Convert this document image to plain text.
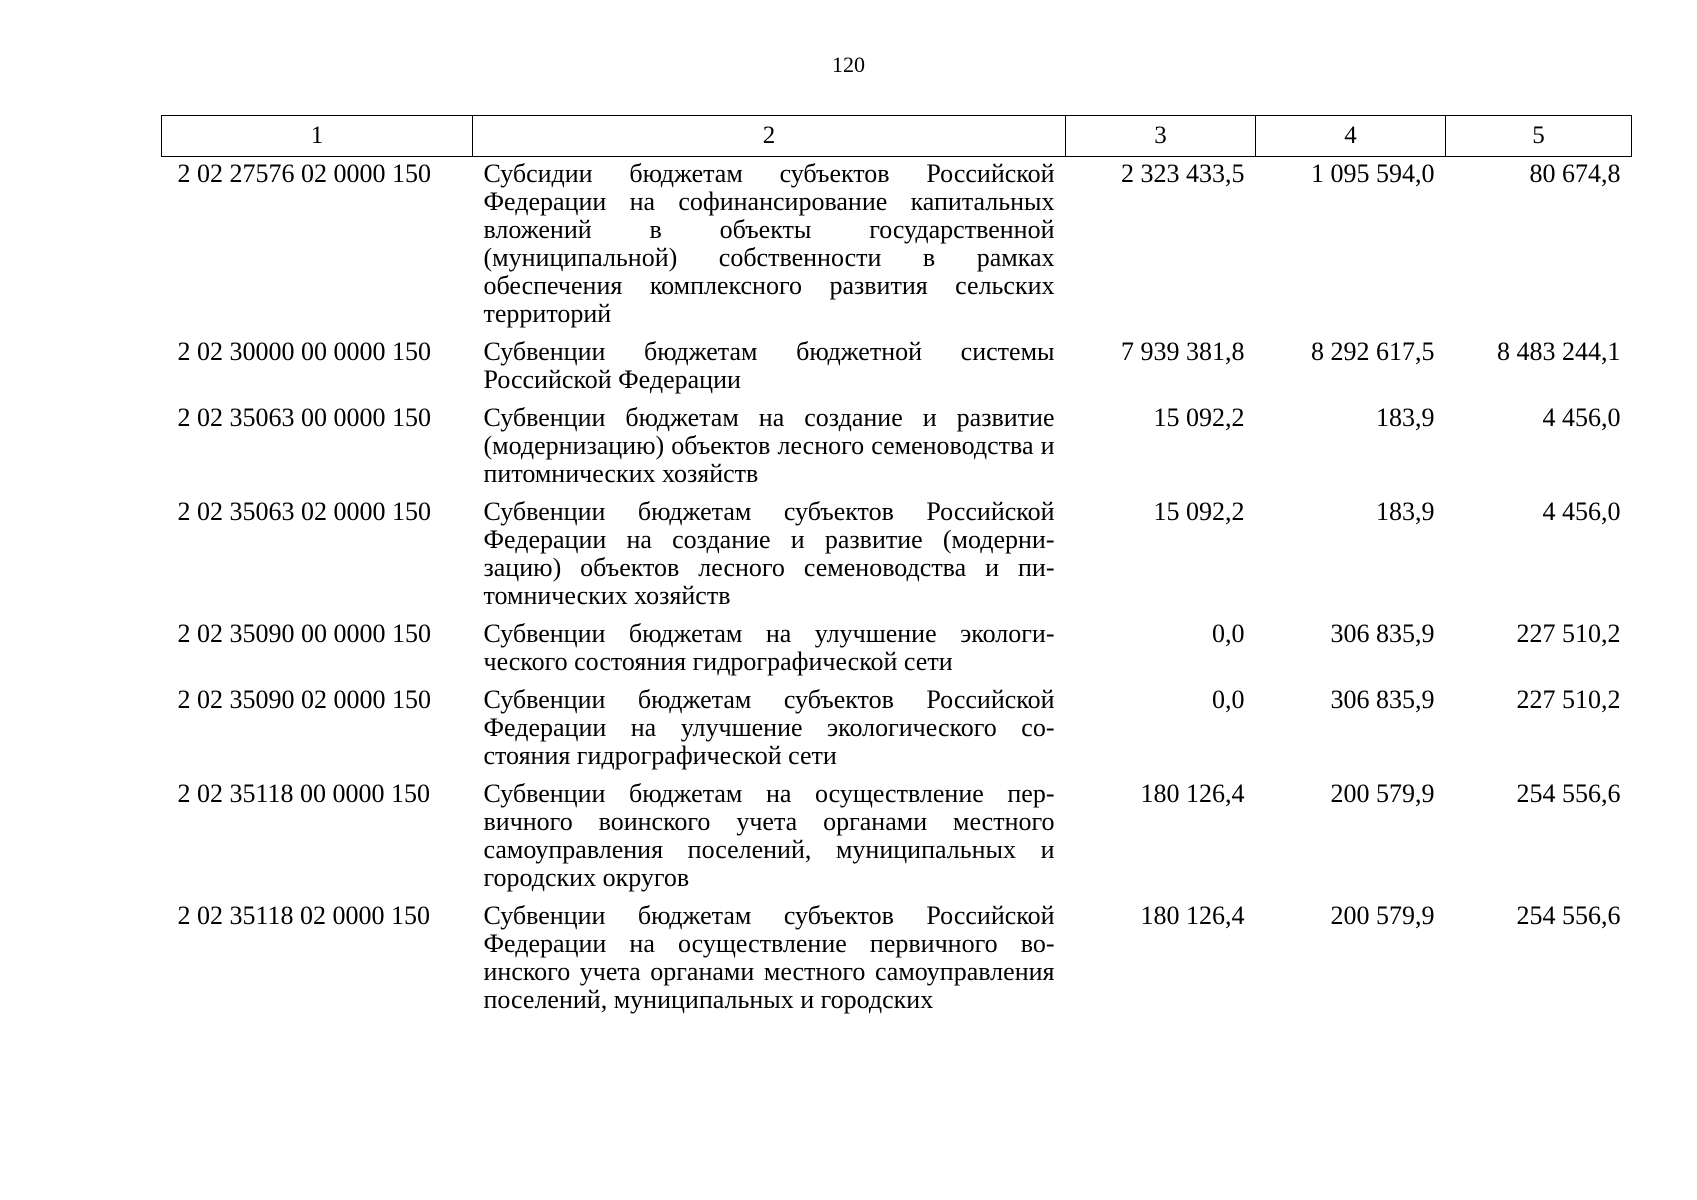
120
1	2	3	4	5
2 02 27576 02 0000 150	Субсидии бюджетам субъектов Российской Федерации на софинансирование капитальных вложений в объекты государственной (муниципальной) собственности в рамках обеспечения комплексного развития сельских территорий	2 323 433,5	1 095 594,0	80 674,8
2 02 30000 00 0000 150	Субвенции бюджетам бюджетной системы Российской Федерации	7 939 381,8	8 292 617,5	8 483 244,1
2 02 35063 00 0000 150	Субвенции бюджетам на создание и развитие (модернизацию) объектов лесного семеноводства и питомнических хозяйств	15 092,2	183,9	4 456,0
2 02 35063 02 0000 150	Субвенции бюджетам субъектов Российской Федерации на создание и развитие (модернизацию) объектов лесного семеноводства и питомнических хозяйств	15 092,2	183,9	4 456,0
2 02 35090 00 0000 150	Субвенции бюджетам на улучшение экологического состояния гидрографической сети	0,0	306 835,9	227 510,2
2 02 35090 02 0000 150	Субвенции бюджетам субъектов Российской Федерации на улучшение экологического состояния гидрографической сети	0,0	306 835,9	227 510,2
2 02 35118 00 0000 150	Субвенции бюджетам на осуществление первичного воинского учета органами местного самоуправления поселений, муниципальных и городских округов	180 126,4	200 579,9	254 556,6
2 02 35118 02 0000 150	Субвенции бюджетам субъектов Российской Федерации на осуществление первичного воинского учета органами местного самоуправления поселений, муниципальных и городских	180 126,4	200 579,9	254 556,6
